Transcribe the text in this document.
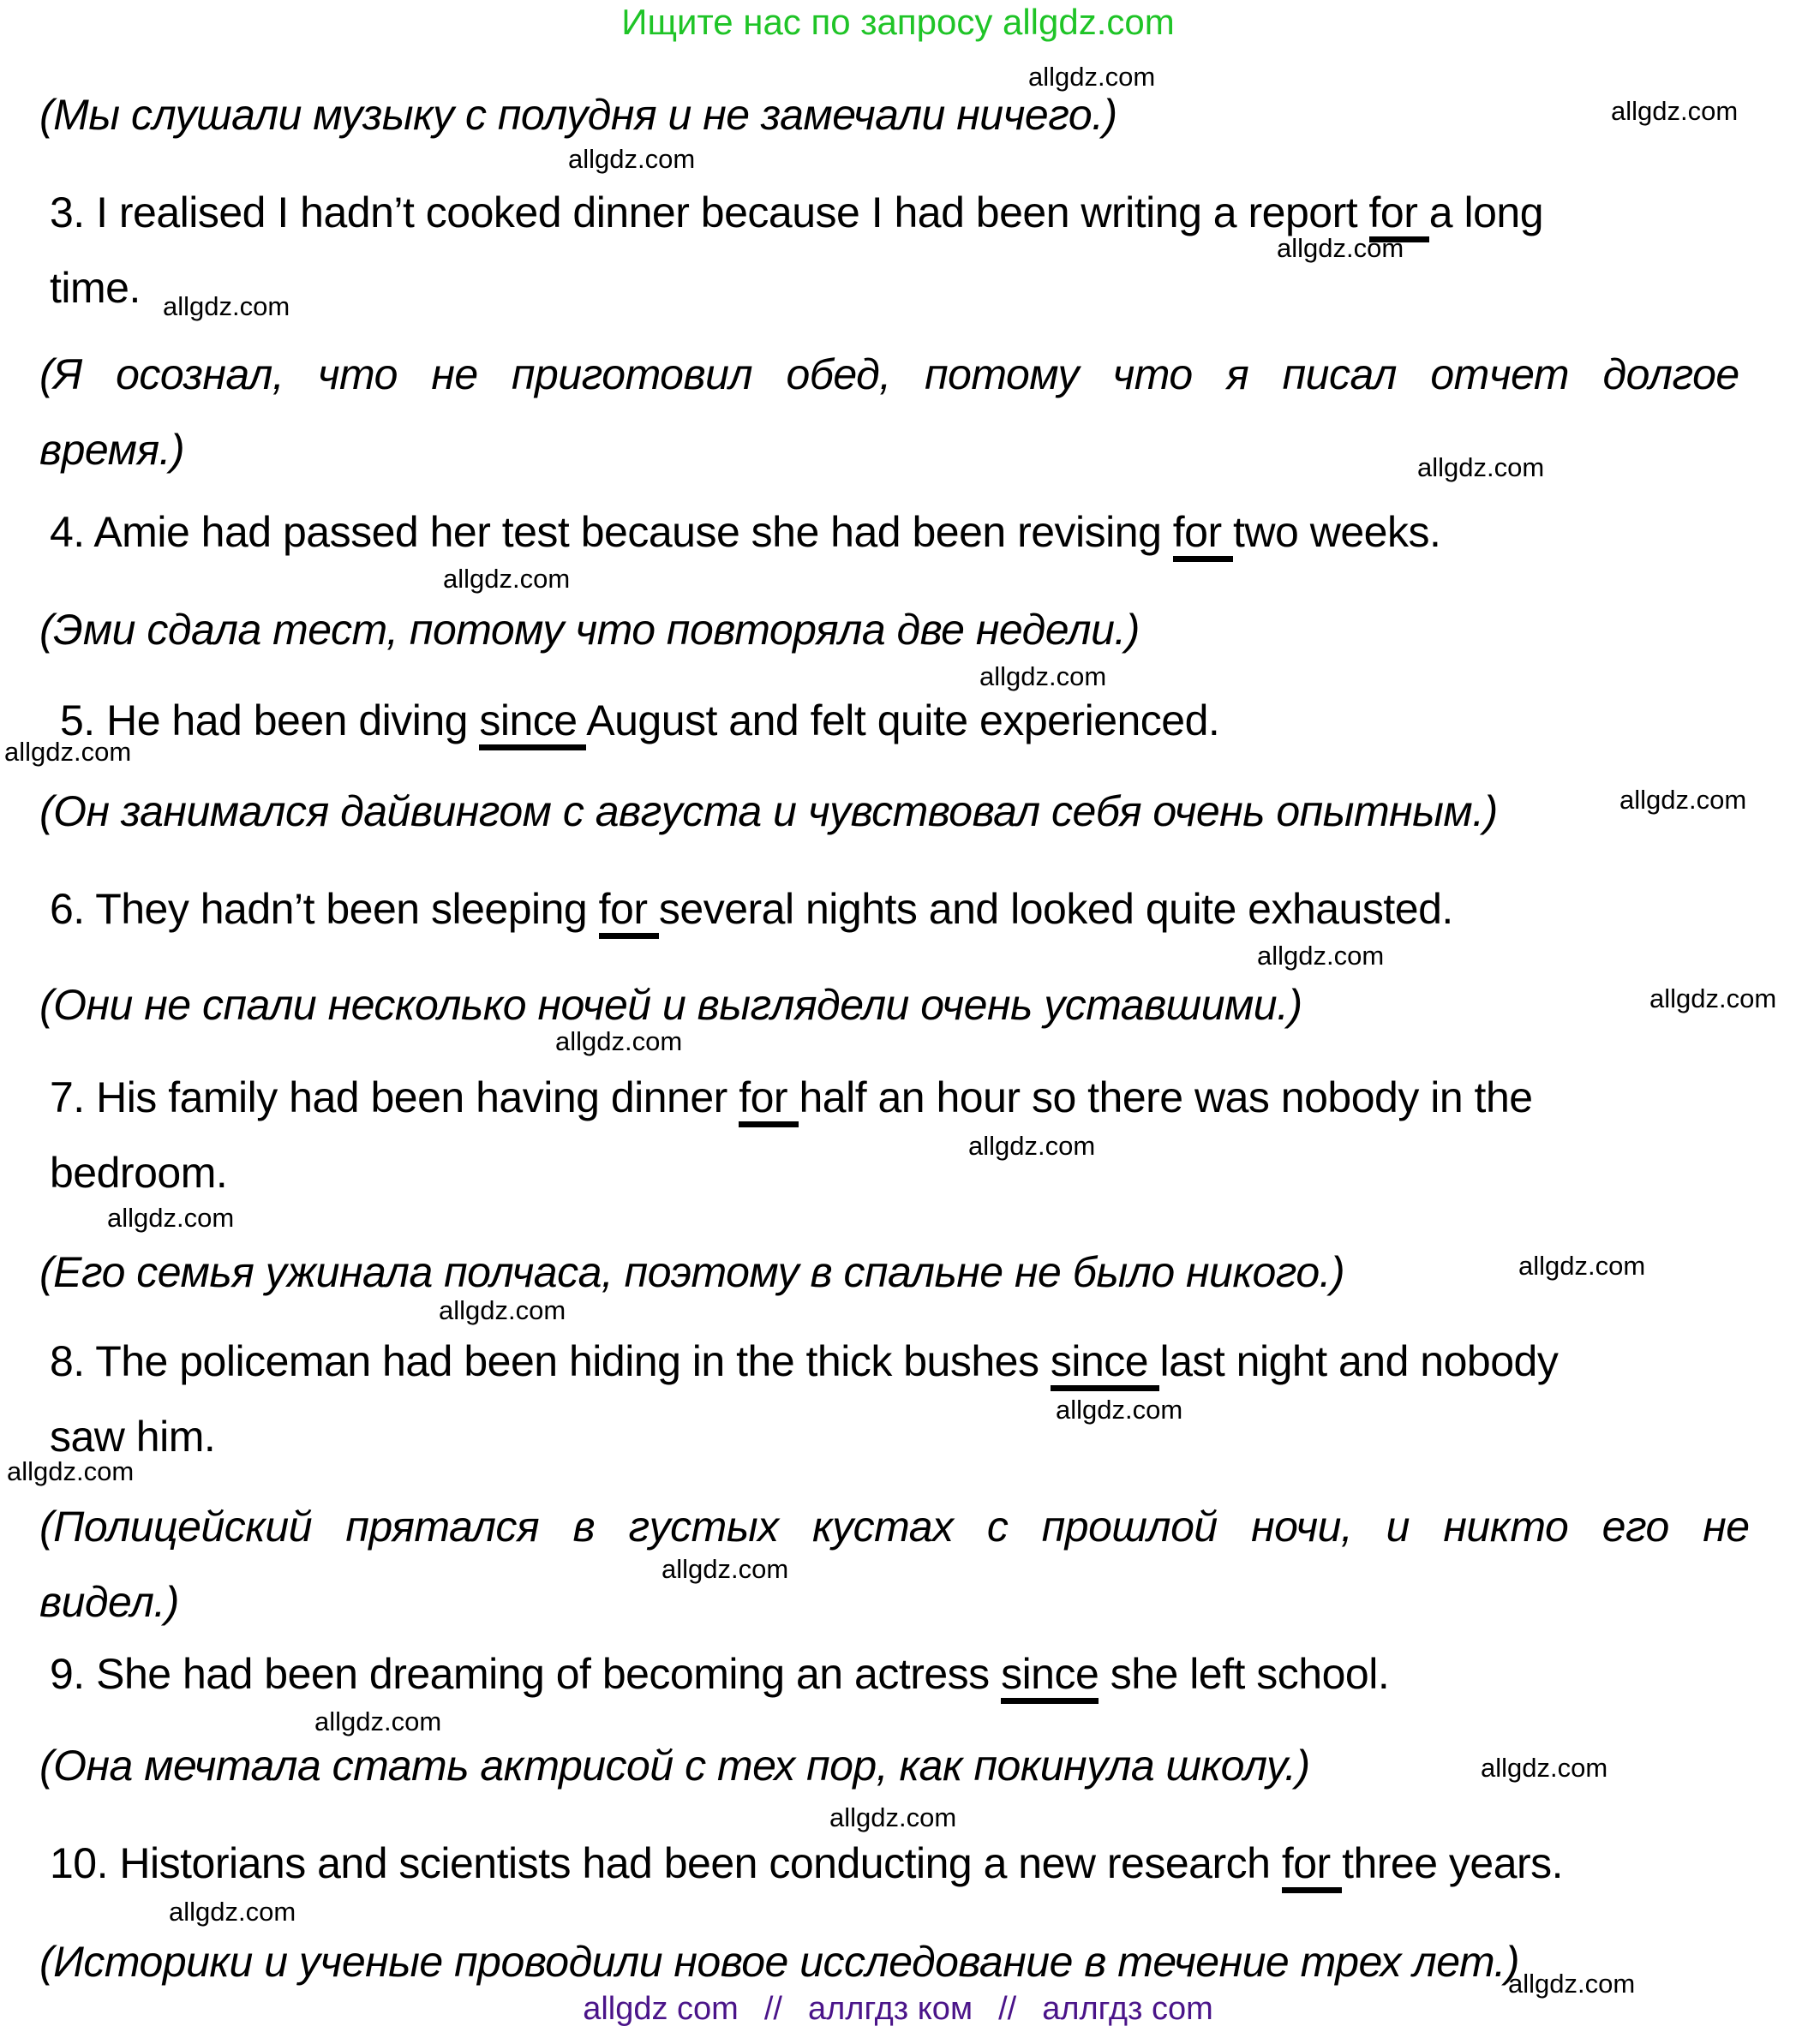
Ищите нас по запросу allgdz.com
allgdz.com
allgdz.com
allgdz.com
allgdz.com
allgdz.com
allgdz.com
allgdz.com
allgdz.com
allgdz.com
allgdz.com
allgdz.com
allgdz.com
allgdz.com
allgdz.com
allgdz.com
allgdz.com
allgdz.com
allgdz.com
allgdz.com
allgdz.com
allgdz.com
allgdz.com
allgdz.com
allgdz.com
allgdz.com
(Мы слушали музыку с полудня и не замечали ничего.)
3. I realised I hadn’t cooked dinner because I had been writing a report for a long
time.
(Я осознал, что не приготовил обед, потому что я писал отчет долгое
время.)
4. Amie had passed her test because she had been revising for two weeks.
(Эми сдала тест, потому что повторяла две недели.)
5. He had been diving since August and felt quite experienced.
(Он занимался дайвингом с августа и чувствовал себя очень опытным.)
6. They hadn’t been sleeping for several nights and looked quite exhausted.
(Они не спали несколько ночей и выглядели очень уставшими.)
7. His family had been having dinner for half an hour so there was nobody in the
bedroom.
(Его семья ужинала полчаса, поэтому в спальне не было никого.)
8. The policeman had been hiding in the thick bushes since last night and nobody
saw him.
(Полицейский прятался в густых кустах с прошлой ночи, и никто его не
видел.)
9. She had been dreaming of becoming an actress since she left school.
(Она мечтала стать актрисой с тех пор, как покинула школу.)
10. Historians and scientists had been conducting a new research for three years.
(Историки и ученые проводили новое исследование в течение трех лет.)
allgdz com // аллгдз ком // аллгдз com
